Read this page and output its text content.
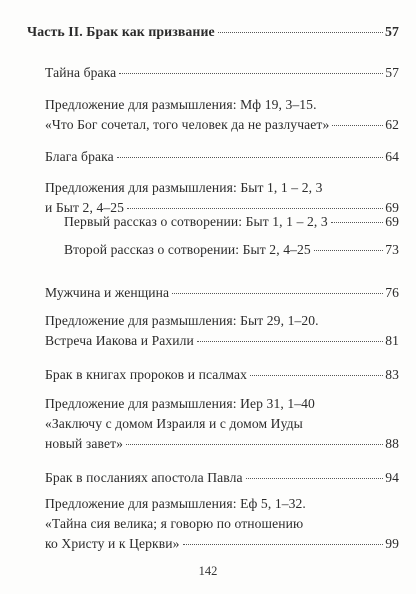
Часть II. Брак как призвание	57
Тайна брака	57
Предложение для размышления: Мф 19, 3–15.
«Что Бог сочетал, того человек да не разлучает»	62
Блага брака	64
Предложения для размышления: Быт 1, 1 – 2, 3
и Быт 2, 4–25	69
Первый рассказ о сотворении: Быт 1, 1 – 2, 3	69
Второй рассказ о сотворении: Быт 2, 4–25	73
Мужчина и женщина	76
Предложение для размышления: Быт 29, 1–20.
Встреча Иакова и Рахили	81
Брак в книгах пророков и псалмах	83
Предложение для размышления: Иер 31, 1–40
«Заключу с домом Израиля и с домом Иуды
новый завет»	88
Брак в посланиях апостола Павла	94
Предложение для размышления: Еф 5, 1–32.
«Тайна сия велика; я говорю по отношению
ко Христу и к Церкви»	99
142
